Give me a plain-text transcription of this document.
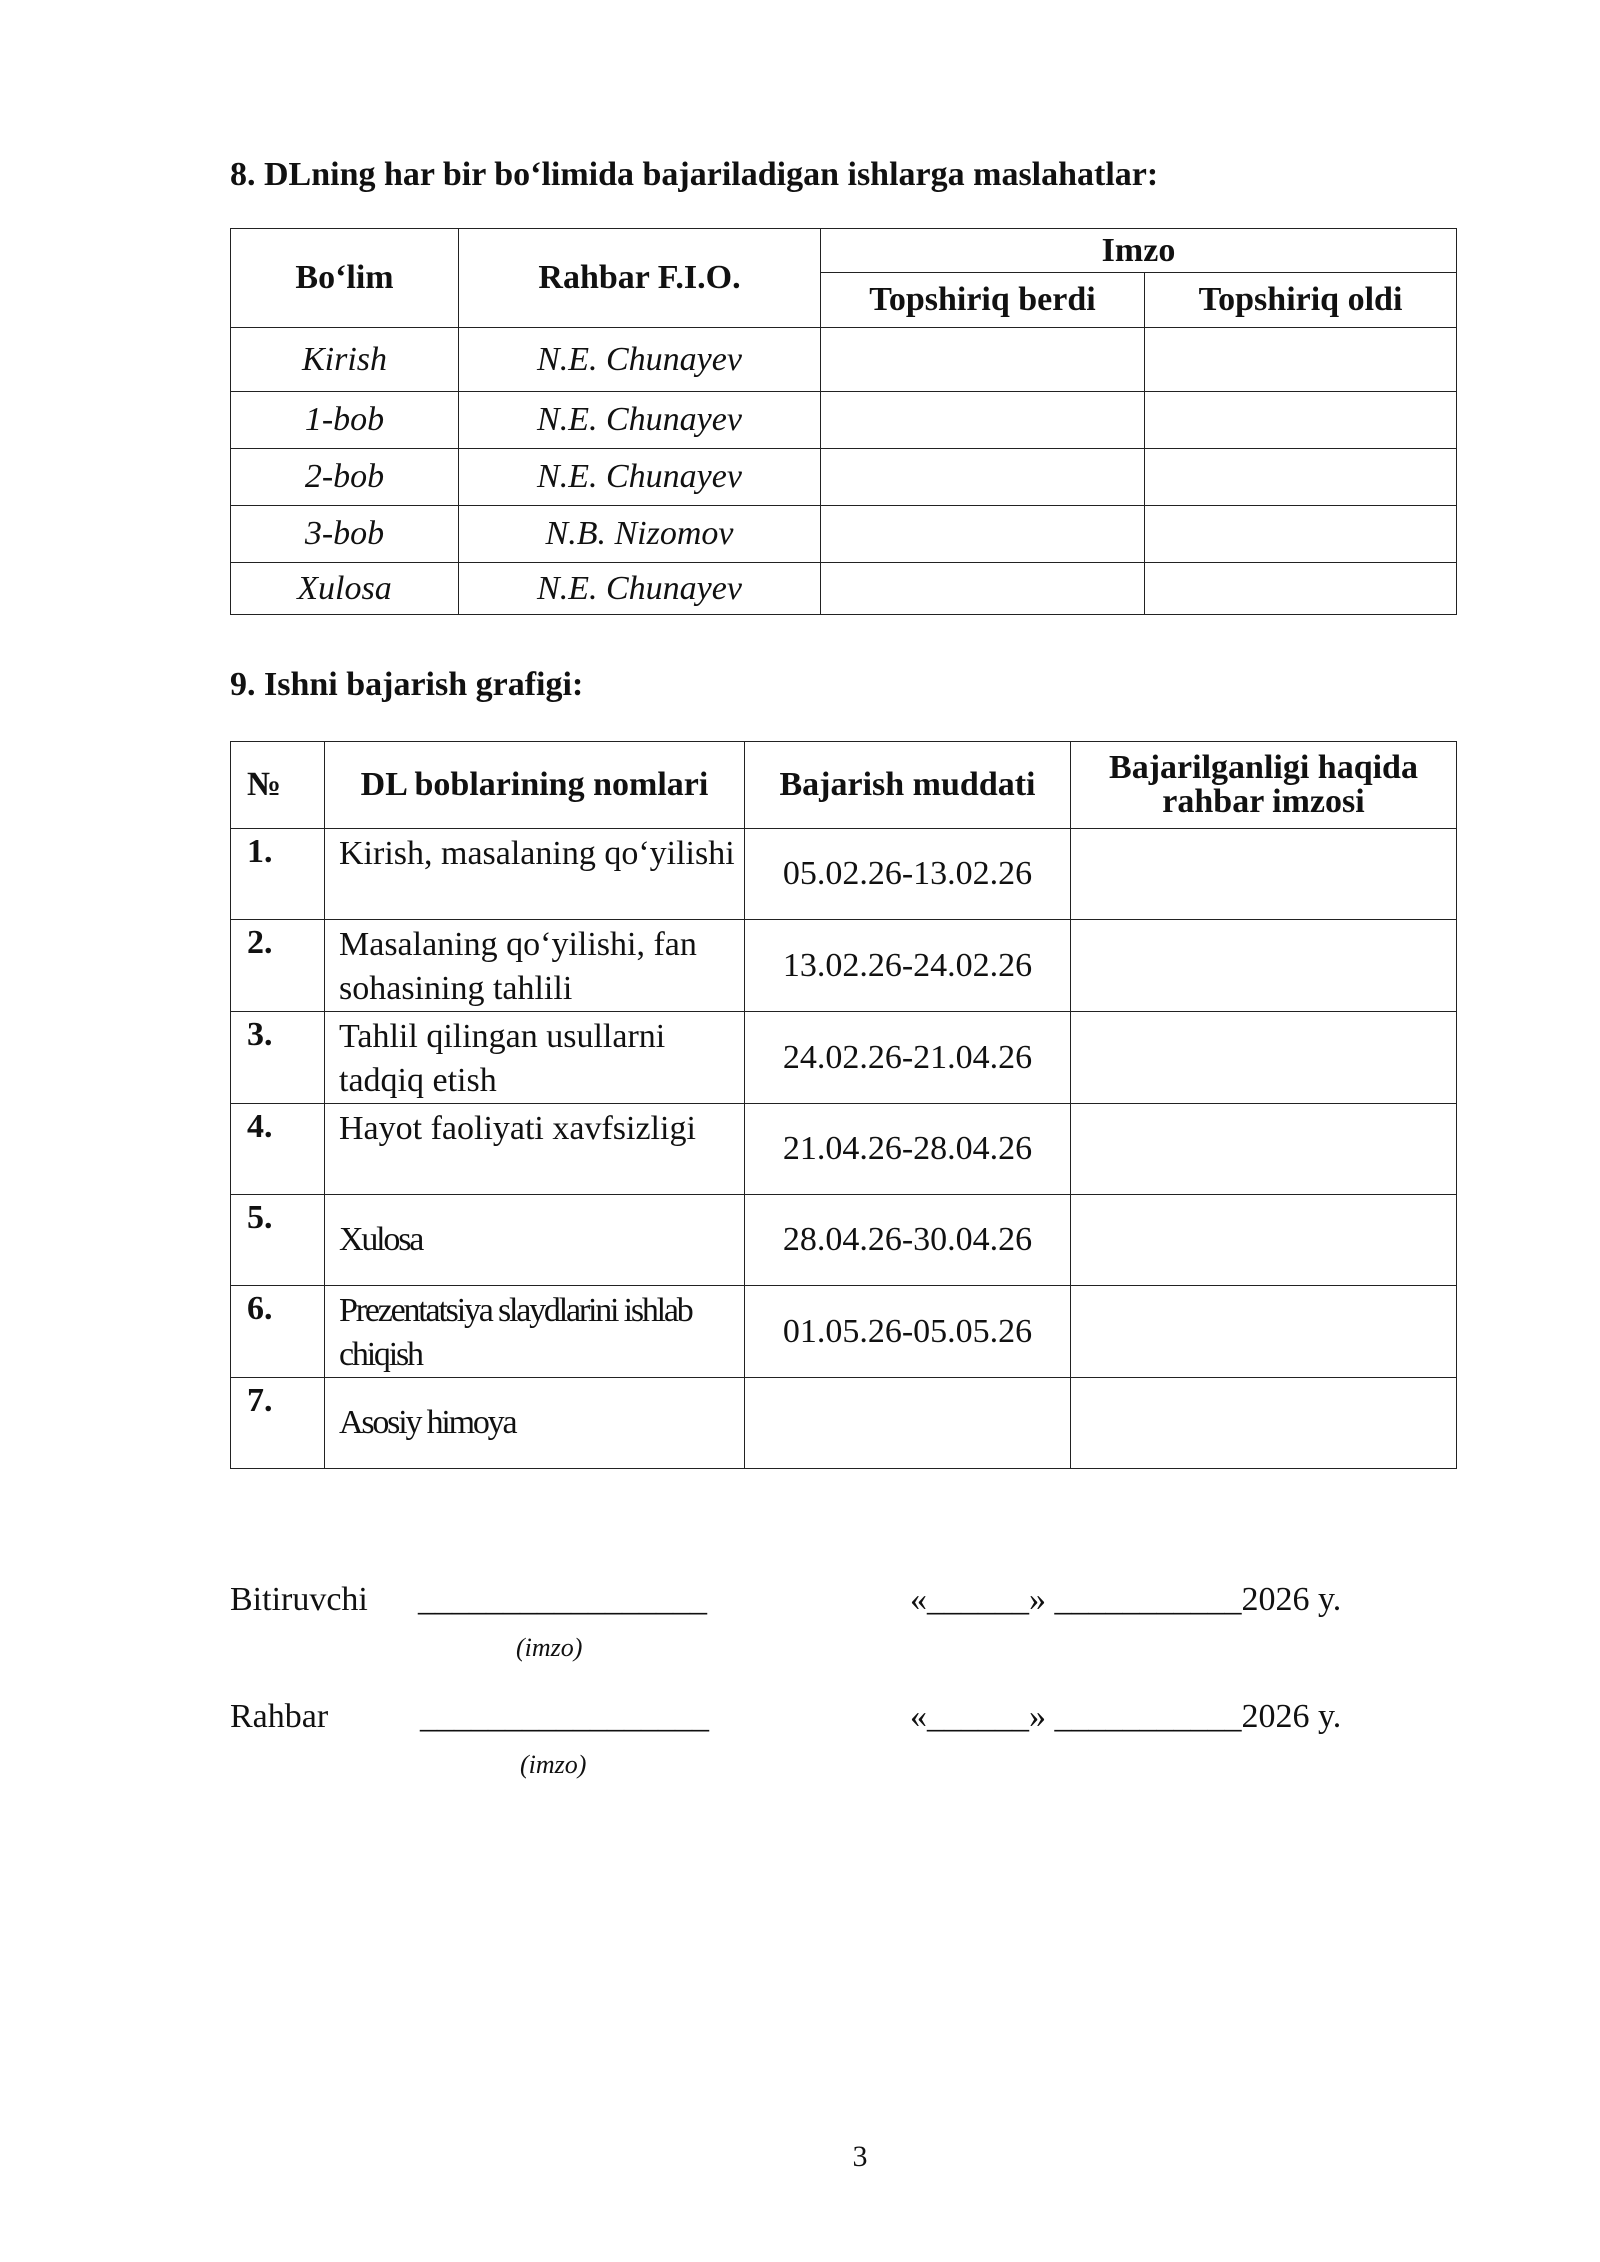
8. DLning har bir bo‘limida bajariladigan ishlarga maslahatlar:
Bo‘lim	Rahbar F.I.O.	Imzo	
		Topshiriq berdi	Topshiriq oldi
Kirish	N.E. Chunayev		
1-bob	N.E. Chunayev		
2-bob	N.E. Chunayev		
3-bob	N.B. Nizomov		
Xulosa	N.E. Chunayev		
9. Ishni bajarish grafigi:
№	DL boblarining nomlari	Bajarish muddati	Bajarilganligi haqida rahbar imzosi
1.	Kirish, masalaning qo‘yilishi	05.02.26-13.02.26	
2.	Masalaning qo‘yilishi, fan sohasining tahlili	13.02.26-24.02.26	
3.	Tahlil qilingan usullarni tadqiq etish	24.02.26-21.04.26	
4.	Hayot faoliyati xavfsizligi	21.04.26-28.04.26	
5.	Xulosa	28.04.26-30.04.26	
6.	Prezentatsiya slaydlarini ishlab chiqish	01.05.26-05.05.26	
7.	Asosiy himoya		
Bitiruvchi _________________
(imzo)
«______» ___________2026 y.
Rahbar	_________________
(imzo)
«______» ___________2026 y.
3
